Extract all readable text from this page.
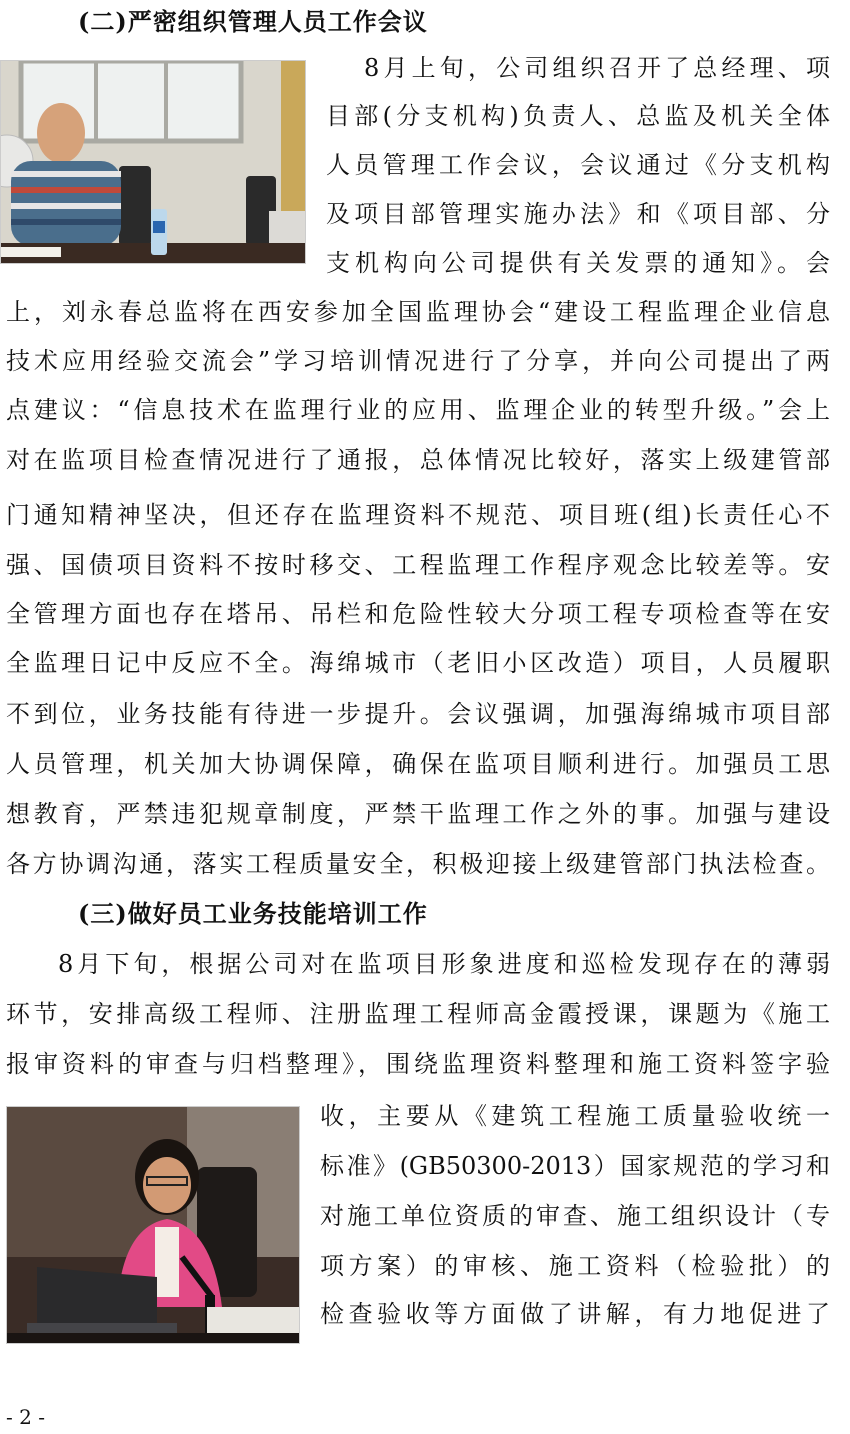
(二)严密组织管理人员工作会议
8月上旬，公司组织召开了总经理、项
目部(分支机构)负责人、总监及机关全体
人员管理工作会议，会议通过《分支机构
及项目部管理实施办法》和《项目部、分
支机构向公司提供有关发票的通知》。会
上，刘永春总监将在西安参加全国监理协会“建设工程监理企业信息
技术应用经验交流会”学习培训情况进行了分享，并向公司提出了两
点建议：“信息技术在监理行业的应用、监理企业的转型升级。”会上
对在监项目检查情况进行了通报，总体情况比较好，落实上级建管部
门通知精神坚决，但还存在监理资料不规范、项目班(组)长责任心不
强、国债项目资料不按时移交、工程监理工作程序观念比较差等。安
全管理方面也存在塔吊、吊栏和危险性较大分项工程专项检查等在安
全监理日记中反应不全。海绵城市（老旧小区改造）项目，人员履职
不到位，业务技能有待进一步提升。会议强调，加强海绵城市项目部
人员管理，机关加大协调保障，确保在监项目顺利进行。加强员工思
想教育，严禁违犯规章制度，严禁干监理工作之外的事。加强与建设
各方协调沟通，落实工程质量安全，积极迎接上级建管部门执法检查。
(三)做好员工业务技能培训工作
8月下旬，根据公司对在监项目形象进度和巡检发现存在的薄弱
环节，安排高级工程师、注册监理工程师高金霞授课，课题为《施工
报审资料的审查与归档整理》，围绕监理资料整理和施工资料签字验
收，主要从《建筑工程施工质量验收统一
标准》(GB50300-2013）国家规范的学习和
对施工单位资质的审查、施工组织设计（专
项方案）的审核、施工资料（检验批）的
检查验收等方面做了讲解，有力地促进了
- 2 -
